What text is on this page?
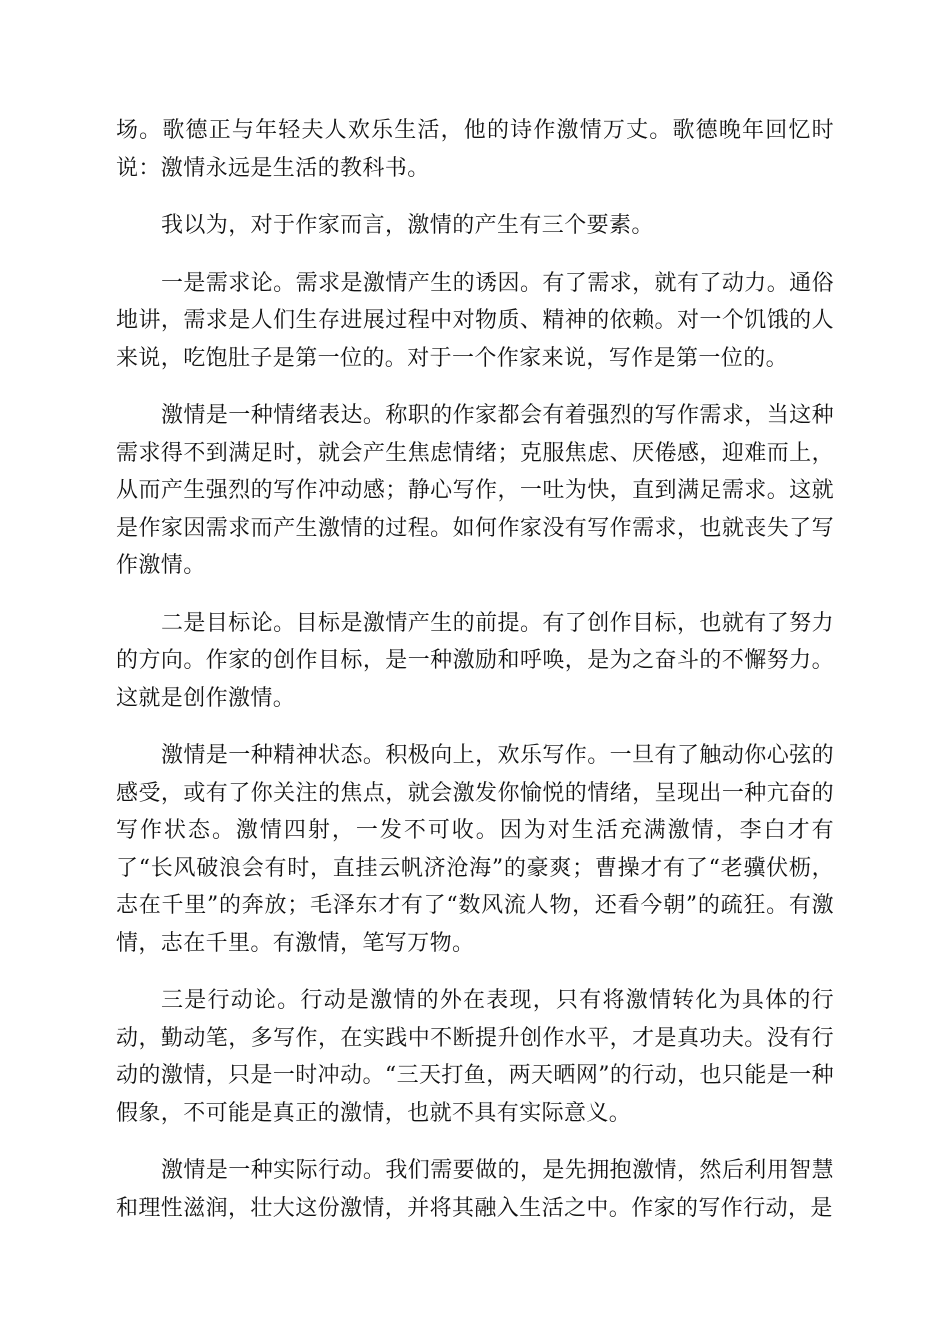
场。歌德正与年轻夫人欢乐生活，他的诗作激情万丈。歌德晚年回忆时说：激情永远是生活的教科书。

我以为，对于作家而言，激情的产生有三个要素。

一是需求论。需求是激情产生的诱因。有了需求，就有了动力。通俗地讲，需求是人们生存进展过程中对物质、精神的依赖。对一个饥饿的人来说，吃饱肚子是第一位的。对于一个作家来说，写作是第一位的。

激情是一种情绪表达。称职的作家都会有着强烈的写作需求，当这种需求得不到满足时，就会产生焦虑情绪；克服焦虑、厌倦感，迎难而上，从而产生强烈的写作冲动感；静心写作，一吐为快，直到满足需求。这就是作家因需求而产生激情的过程。如何作家没有写作需求，也就丧失了写作激情。

二是目标论。目标是激情产生的前提。有了创作目标，也就有了努力的方向。作家的创作目标，是一种激励和呼唤，是为之奋斗的不懈努力。这就是创作激情。

激情是一种精神状态。积极向上，欢乐写作。一旦有了触动你心弦的感受，或有了你关注的焦点，就会激发你愉悦的情绪，呈现出一种亢奋的写作状态。激情四射，一发不可收。因为对生活充满激情，李白才有了“长风破浪会有时，直挂云帆济沧海”的豪爽；曹操才有了“老骥伏枥，志在千里”的奔放；毛泽东才有了“数风流人物，还看今朝”的疏狂。有激情，志在千里。有激情，笔写万物。

三是行动论。行动是激情的外在表现，只有将激情转化为具体的行动，勤动笔，多写作，在实践中不断提升创作水平，才是真功夫。没有行动的激情，只是一时冲动。“三天打鱼，两天晒网”的行动，也只能是一种假象，不可能是真正的激情，也就不具有实际意义。

激情是一种实际行动。我们需要做的，是先拥抱激情，然后利用智慧和理性滋润，壮大这份激情，并将其融入生活之中。作家的写作行动，是
